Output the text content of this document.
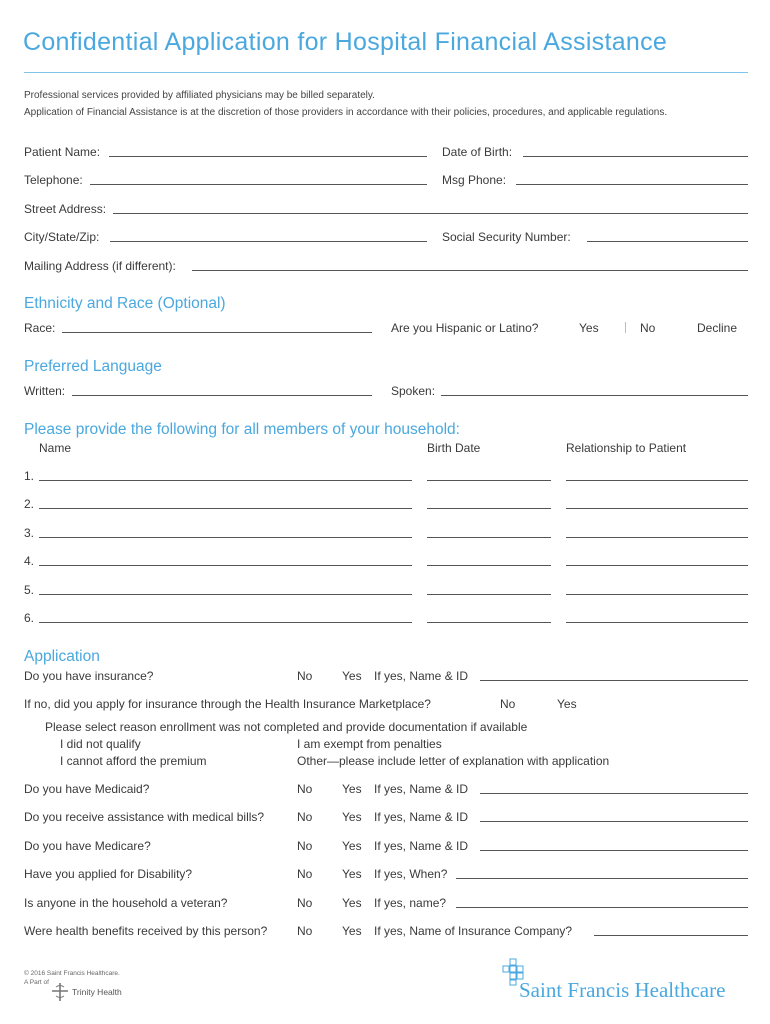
Confidential Application for Hospital Financial Assistance
Professional services provided by affiliated physicians may be billed separately.
Application of Financial Assistance is at the discretion of those providers in accordance with their policies, procedures, and applicable regulations.
Patient Name:	Date of Birth:
Telephone:	Msg Phone:
Street Address:
City/State/Zip:	Social Security Number:
Mailing Address (if different):
Ethnicity and Race (Optional)
Race:	Are you Hispanic or Latino?	Yes	No	Decline
Preferred Language
Written:	Spoken:
Please provide the following for all members of your household:
Name	Birth Date	Relationship to Patient
1.
2.
3.
4.
5.
6.
Application
Do you have insurance?	No Yes If yes, Name & ID
If no, did you apply for insurance through the Health Insurance Marketplace?	No	Yes
Please select reason enrollment was not completed and provide documentation if available
I did not qualify	I am exempt from penalties
I cannot afford the premium	Other—please include letter of explanation with application
Do you have Medicaid?	No Yes If yes, Name & ID
Do you receive assistance with medical bills?	No Yes If yes, Name & ID
Do you have Medicare?	No Yes If yes, Name & ID
Have you applied for Disability?	No Yes If yes, When?
Is anyone in the household a veteran?	No Yes If yes, name?
Were health benefits received by this person? No Yes If yes, Name of Insurance Company?
© 2016 Saint Francis Healthcare.
A Part of
Trinity Health	Saint Francis Healthcare
